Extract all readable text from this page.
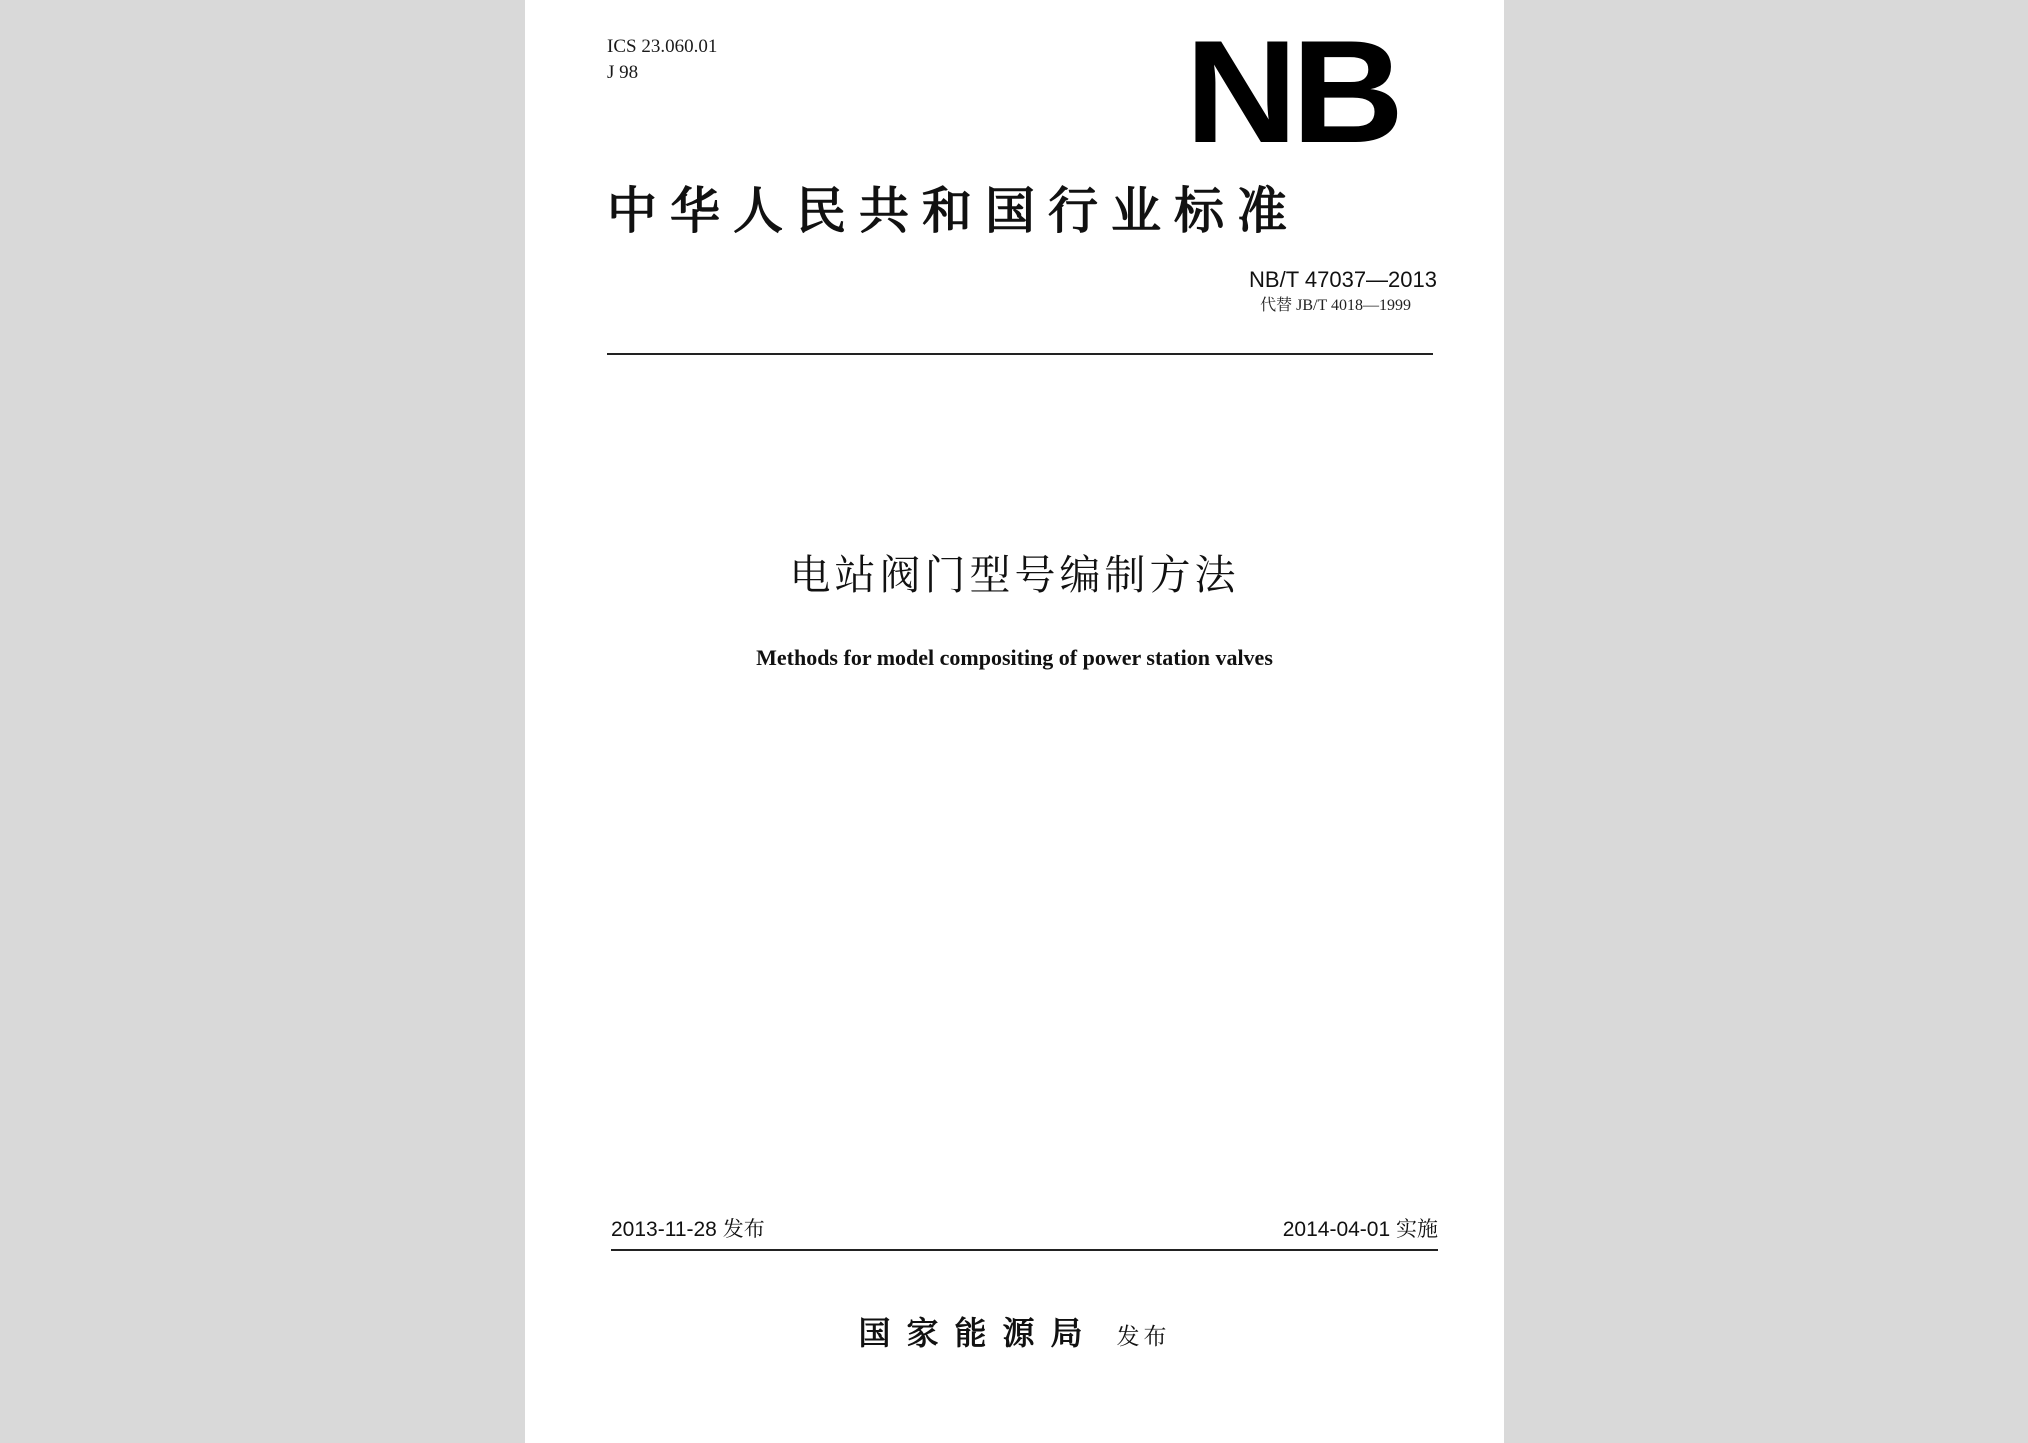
ICS 23.060.01
J 98	NB
中华人民共和国行业标准
NB/T 47037—2013
代替 JB/T 4018—1999
电站阀门型号编制方法
Methods for model compositing of power station valves
2013-11-28 发布	2014-04-01 实施
国家能源局 发布
